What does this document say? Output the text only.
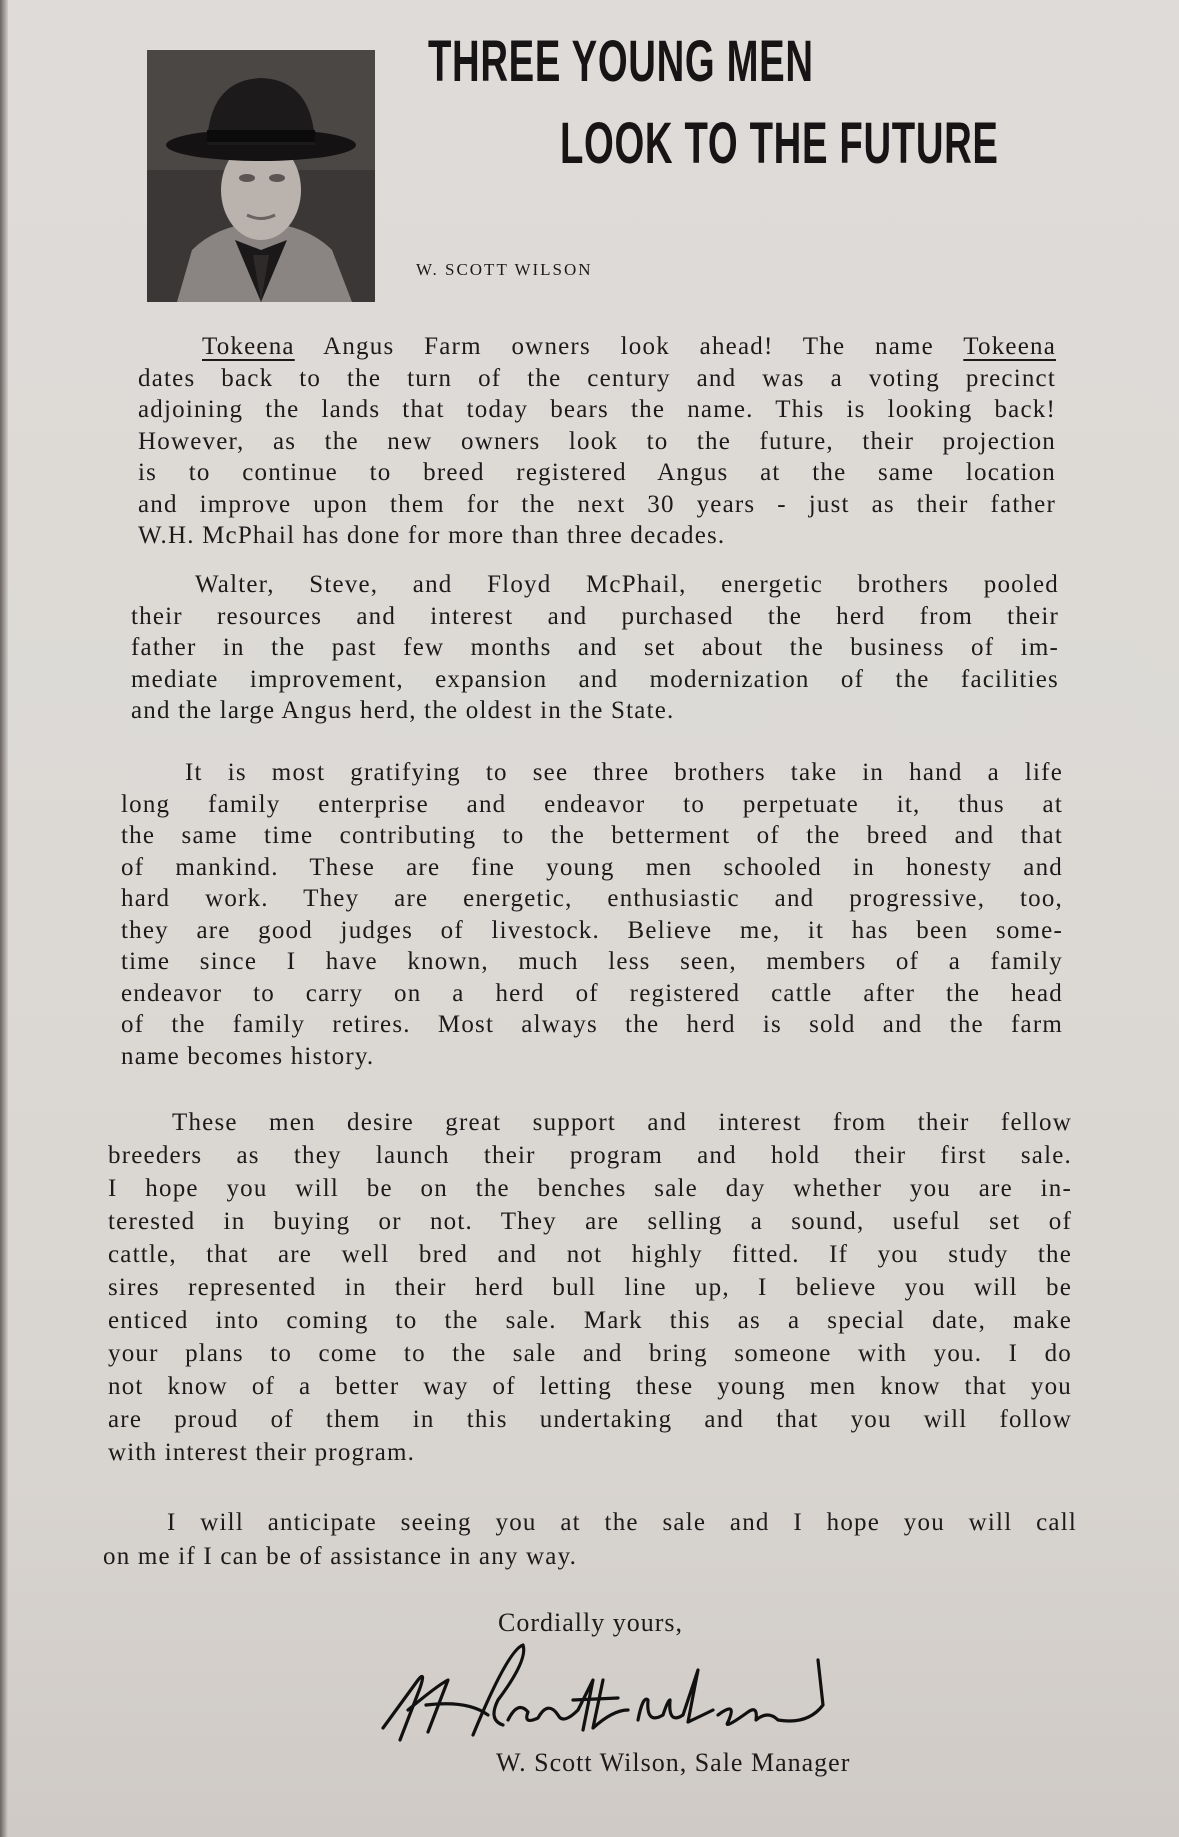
THREE YOUNG MEN
LOOK TO THE FUTURE
W. SCOTT WILSON
Tokeena Angus Farm owners look ahead! The name Tokeena
dates back to the turn of the century and was a voting precinct
adjoining the lands that today bears the name. This is looking back!
However, as the new owners look to the future, their projection
is to continue to breed registered Angus at the same location
and improve upon them for the next 30 years - just as their father
W.H. McPhail has done for more than three decades.
Walter, Steve, and Floyd McPhail, energetic brothers pooled
their resources and interest and purchased the herd from their
father in the past few months and set about the business of im-
mediate improvement, expansion and modernization of the facilities
and the large Angus herd, the oldest in the State.
It is most gratifying to see three brothers take in hand a life
long family enterprise and endeavor to perpetuate it, thus at
the same time contributing to the betterment of the breed and that
of mankind. These are fine young men schooled in honesty and
hard work. They are energetic, enthusiastic and progressive, too,
they are good judges of livestock. Believe me, it has been some-
time since I have known, much less seen, members of a family
endeavor to carry on a herd of registered cattle after the head
of the family retires. Most always the herd is sold and the farm
name becomes history.
These men desire great support and interest from their fellow
breeders as they launch their program and hold their first sale.
I hope you will be on the benches sale day whether you are in-
terested in buying or not. They are selling a sound, useful set of
cattle, that are well bred and not highly fitted. If you study the
sires represented in their herd bull line up, I believe you will be
enticed into coming to the sale. Mark this as a special date, make
your plans to come to the sale and bring someone with you. I do
not know of a better way of letting these young men know that you
are proud of them in this undertaking and that you will follow
with interest their program.
I will anticipate seeing you at the sale and I hope you will call
on me if I can be of assistance in any way.
Cordially yours,
W. Scott Wilson, Sale Manager
